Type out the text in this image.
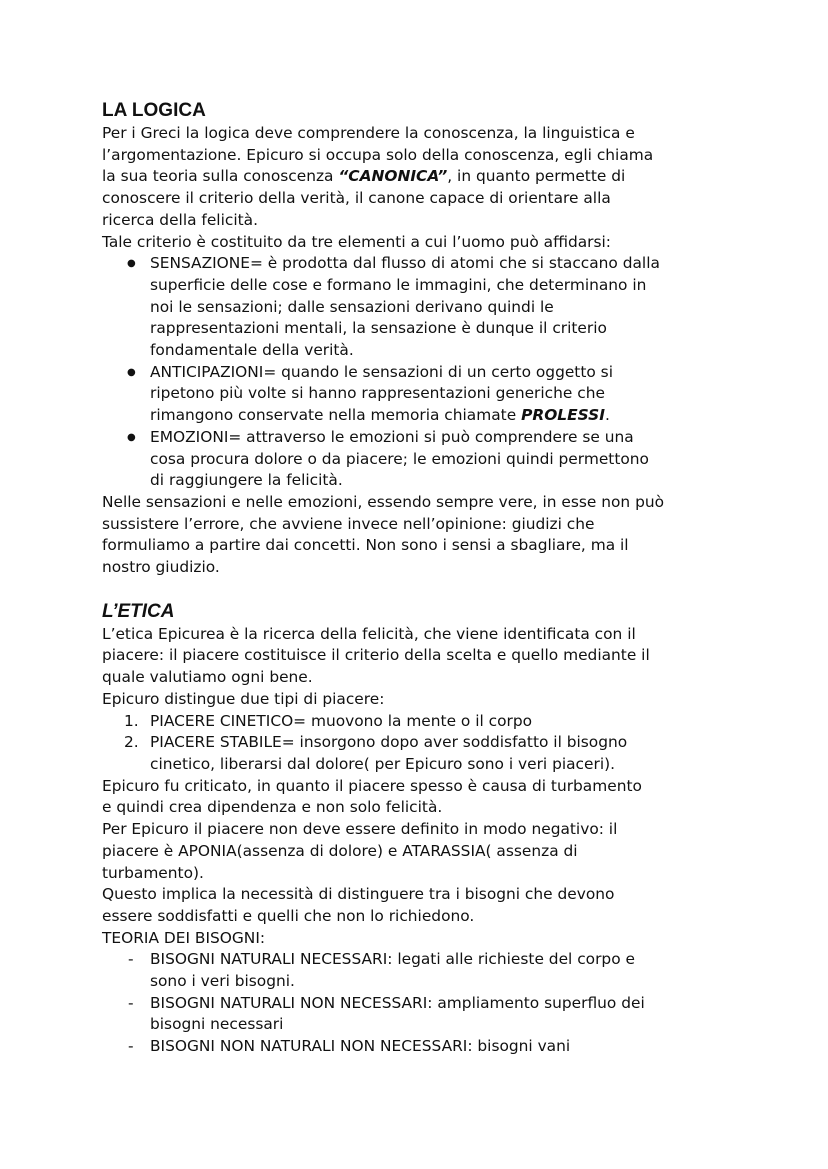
LA LOGICA

Per i Greci la logica deve comprendere la conoscenza, la linguistica e
l’argomentazione. Epicuro si occupa solo della conoscenza, egli chiama
la sua teoria sulla conoscenza “CANONICA”, in quanto permette di
conoscere il criterio della verità, il canone capace di orientare alla
ricerca della felicità.
Tale criterio è costituito da tre elementi a cui l’uomo può affidarsi:

● SENSAZIONE= è prodotta dal flusso di atomi che si staccano dalla
superficie delle cose e formano le immagini, che determinano in
noi le sensazioni; dalle sensazioni derivano quindi le
rappresentazioni mentali, la sensazione è dunque il criterio
fondamentale della verità.
● ANTICIPAZIONI= quando le sensazioni di un certo oggetto si
ripetono più volte si hanno rappresentazioni generiche che
rimangono conservate nella memoria chiamate PROLESSI.
● EMOZIONI= attraverso le emozioni si può comprendere se una
cosa procura dolore o da piacere; le emozioni quindi permettono
di raggiungere la felicità.

Nelle sensazioni e nelle emozioni, essendo sempre vere, in esse non può
sussistere l’errore, che avviene invece nell’opinione: giudizi che
formuliamo a partire dai concetti. Non sono i sensi a sbagliare, ma il
nostro giudizio.

L’ETICA

L’etica Epicurea è la ricerca della felicità, che viene identificata con il
piacere: il piacere costituisce il criterio della scelta e quello mediante il
quale valutiamo ogni bene.
Epicuro distingue due tipi di piacere:

1. PIACERE CINETICO= muovono la mente o il corpo
2. PIACERE STABILE= insorgono dopo aver soddisfatto il bisogno
cinetico, liberarsi dal dolore( per Epicuro sono i veri piaceri).

Epicuro fu criticato, in quanto il piacere spesso è causa di turbamento
e quindi crea dipendenza e non solo felicità.
Per Epicuro il piacere non deve essere definito in modo negativo: il
piacere è APONIA(assenza di dolore) e ATARASSIA( assenza di
turbamento).
Questo implica la necessità di distinguere tra i bisogni che devono
essere soddisfatti e quelli che non lo richiedono.
TEORIA DEI BISOGNI:

- BISOGNI NATURALI NECESSARI: legati alle richieste del corpo e
sono i veri bisogni.
- BISOGNI NATURALI NON NECESSARI: ampliamento superfluo dei
bisogni necessari
- BISOGNI NON NATURALI NON NECESSARI: bisogni vani
